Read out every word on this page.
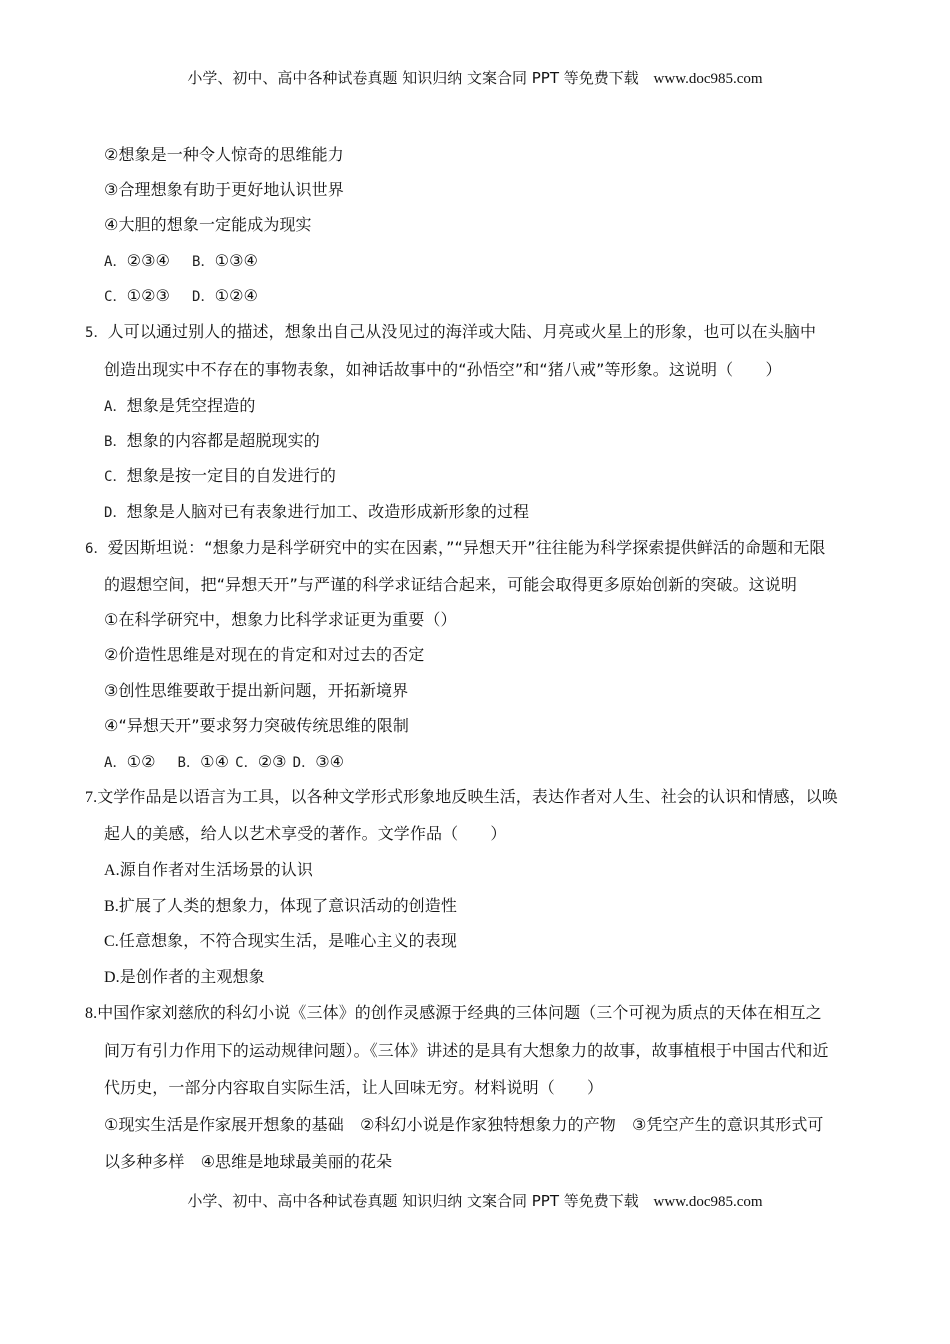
小学、初中、高中各种试卷真题 知识归纳 文案合同 PPT 等免费下载 www.doc985.com
②想象是一种令人惊奇的思维能力
③合理想象有助于更好地认识世界
④大胆的想象一定能成为现实
A．②③④ B．①③④
C．①②③ D．①②④
5．人可以通过别人的描述，想象出自己从没见过的海洋或大陆、月亮或火星上的形象，也可以在头脑中
创造出现实中不存在的事物表象，如神话故事中的“孙悟空”和“猪八戒”等形象。这说明（　　）
A．想象是凭空捏造的
B．想象的内容都是超脱现实的
C．想象是按一定目的自发进行的
D．想象是人脑对已有表象进行加工、改造形成新形象的过程
6．爱因斯坦说：“想象力是科学研究中的实在因素，”“异想天开”往往能为科学探索提供鲜活的命题和无限
的遐想空间，把“异想天开”与严谨的科学求证结合起来，可能会取得更多原始创新的突破。这说明
①在科学研究中，想象力比科学求证更为重要（）
②价造性思维是对现在的肯定和对过去的否定
③创性思维要敢于提出新问题，开拓新境界
④“异想天开”要求努力突破传统思维的限制
A．①② B．①④ C．②③ D．③④
7.文学作品是以语言为工具，以各种文学形式形象地反映生活，表达作者对人生、社会的认识和情感，以唤
起人的美感，给人以艺术享受的著作。文学作品（　　）
A.源自作者对生活场景的认识
B.扩展了人类的想象力，体现了意识活动的创造性
C.任意想象，不符合现实生活，是唯心主义的表现
D.是创作者的主观想象
8.中国作家刘慈欣的科幻小说《三体》的创作灵感源于经典的三体问题（三个可视为质点的天体在相互之
间万有引力作用下的运动规律问题）。《三体》讲述的是具有大想象力的故事，故事植根于中国古代和近
代历史，一部分内容取自实际生活，让人回味无穷。材料说明（　　）
①现实生活是作家展开想象的基础　②科幻小说是作家独特想象力的产物　③凭空产生的意识其形式可
以多种多样　④思维是地球最美丽的花朵
小学、初中、高中各种试卷真题 知识归纳 文案合同 PPT 等免费下载 www.doc985.com
